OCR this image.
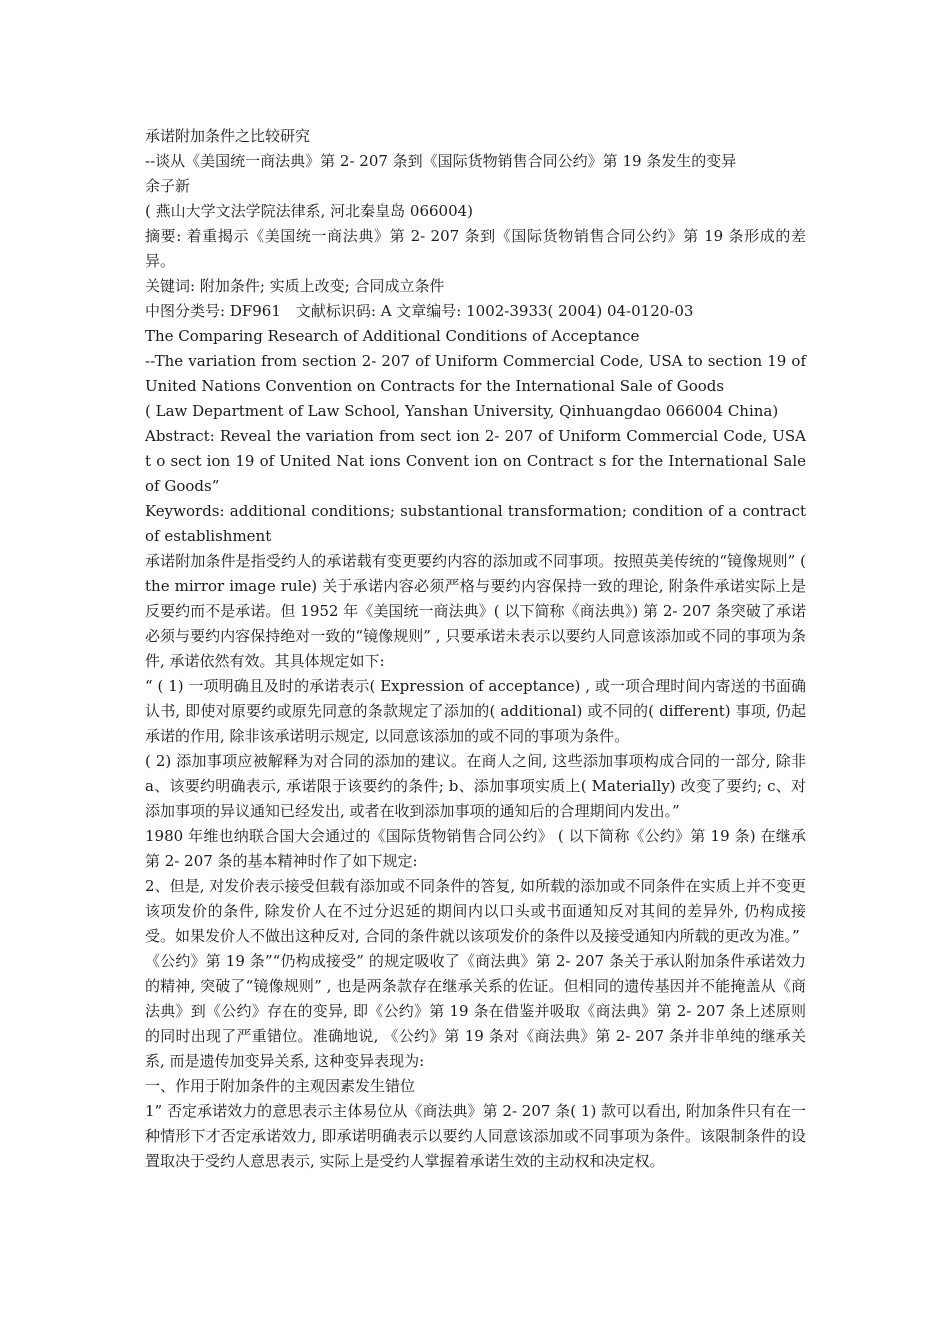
承诺附加条件之比较研究

--谈从《美国统一商法典》第 2- 207 条到《国际货物销售合同公约》第 19 条发生的变异

余子新

( 燕山大学文法学院法律系, 河北秦皇岛 066004)

摘要: 着重揭示《美国统一商法典》第 2- 207 条到《国际货物销售合同公约》第 19 条形成的差异。

关键词: 附加条件; 实质上改变; 合同成立条件

中图分类号: DF961　文献标识码: A 文章编号: 1002-3933( 2004) 04-0120-03

The Comparing Research of Additional Conditions of Acceptance

--The variation from section 2- 207 of Uniform Commercial Code, USA to section 19 of United Nations Convention on Contracts for the International Sale of Goods

( Law Department of Law School, Yanshan University, Qinhuangdao 066004 China)

Abstract: Reveal the variation from sect ion 2- 207 of Uniform Commercial Code, USA t o sect ion 19 of United Nat ions Convent ion on Contract s for the International Sale of Goods”

Keywords: additional conditions; substantional transformation; condition of a contract of establishment

承诺附加条件是指受约人的承诺载有变更要约内容的添加或不同事项。按照英美传统的“镜像规则” ( the mirror image rule) 关于承诺内容必须严格与要约内容保持一致的理论, 附条件承诺实际上是反要约而不是承诺。但 1952 年《美国统一商法典》( 以下简称《商法典》) 第 2- 207 条突破了承诺必须与要约内容保持绝对一致的“镜像规则” , 只要承诺未表示以要约人同意该添加或不同的事项为条件, 承诺依然有效。其具体规定如下:

“ ( 1) 一项明确且及时的承诺表示( Expression of acceptance) , 或一项合理时间内寄送的书面确认书, 即使对原要约或原先同意的条款规定了添加的( additional) 或不同的( different) 事项, 仍起承诺的作用, 除非该承诺明示规定, 以同意该添加的或不同的事项为条件。

( 2) 添加事项应被解释为对合同的添加的建议。在商人之间, 这些添加事项构成合同的一部分, 除非 a、该要约明确表示, 承诺限于该要约的条件; b、添加事项实质上( Materially) 改变了要约; c、对添加事项的异议通知已经发出, 或者在收到添加事项的通知后的合理期间内发出。”

1980 年维也纳联合国大会通过的《国际货物销售合同公约》 ( 以下简称《公约》第 19 条) 在继承第 2- 207 条的基本精神时作了如下规定:

2、但是, 对发价表示接受但载有添加或不同条件的答复, 如所载的添加或不同条件在实质上并不变更该项发价的条件, 除发价人在不过分迟延的期间内以口头或书面通知反对其间的差异外, 仍构成接受。如果发价人不做出这种反对, 合同的条件就以该项发价的条件以及接受通知内所载的更改为准。”

《公约》第 19 条”“仍构成接受” 的规定吸收了《商法典》第 2- 207 条关于承认附加条件承诺效力的精神, 突破了“镜像规则” , 也是两条款存在继承关系的佐证。但相同的遗传基因并不能掩盖从《商法典》到《公约》存在的变异, 即《公约》第 19 条在借鉴并吸取《商法典》第 2- 207 条上述原则的同时出现了严重错位。准确地说, 《公约》第 19 条对《商法典》第 2- 207 条并非单纯的继承关系, 而是遗传加变异关系, 这种变异表现为:

一、作用于附加条件的主观因素发生错位

1” 否定承诺效力的意思表示主体易位从《商法典》第 2- 207 条( 1) 款可以看出, 附加条件只有在一种情形下才否定承诺效力, 即承诺明确表示以要约人同意该添加或不同事项为条件。该限制条件的设置取决于受约人意思表示, 实际上是受约人掌握着承诺生效的主动权和决定权。
